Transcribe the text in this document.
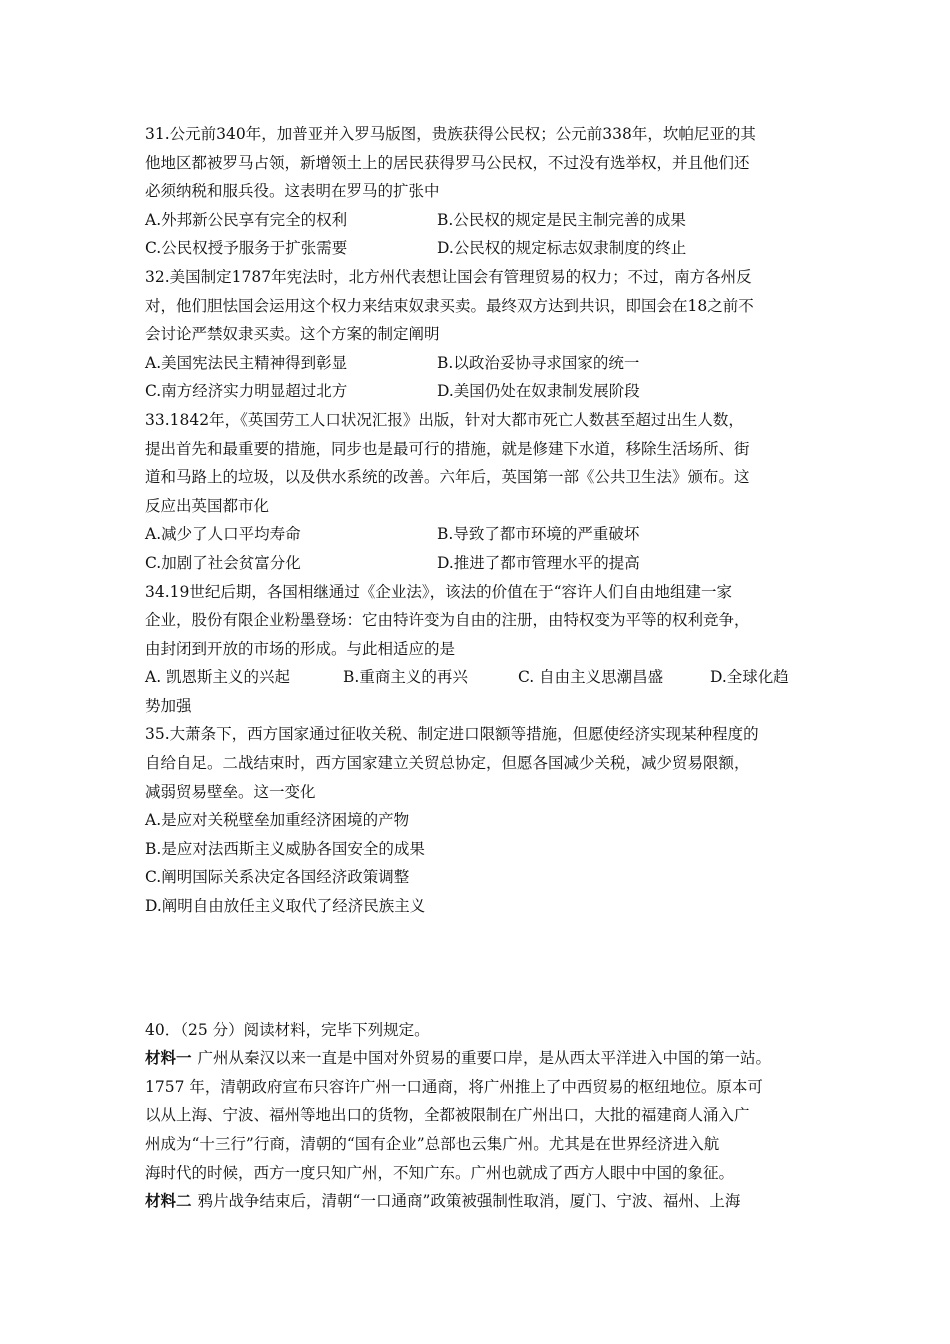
31.公元前340年，加普亚并入罗马版图，贵族获得公民权；公元前338年，坎帕尼亚的其
他地区都被罗马占领，新增领土上的居民获得罗马公民权，不过没有选举权，并且他们还
必须纳税和服兵役。这表明在罗马的扩张中
A.外邦新公民享有完全的权利	B.公民权的规定是民主制完善的成果
C.公民权授予服务于扩张需要	D.公民权的规定标志奴隶制度的终止
32.美国制定1787年宪法时，北方州代表想让国会有管理贸易的权力；不过，南方各州反
对，他们胆怯国会运用这个权力来结束奴隶买卖。最终双方达到共识，即国会在18之前不
会讨论严禁奴隶买卖。这个方案的制定阐明
A.美国宪法民主精神得到彰显	B.以政治妥协寻求国家的统一
C.南方经济实力明显超过北方	D.美国仍处在奴隶制发展阶段
33.1842年，《英国劳工人口状况汇报》出版，针对大都市死亡人数甚至超过出生人数，
提出首先和最重要的措施，同步也是最可行的措施，就是修建下水道，移除生活场所、街
道和马路上的垃圾，以及供水系统的改善。六年后，英国第一部《公共卫生法》颁布。这
反应出英国都市化
A.减少了人口平均寿命	B.导致了都市环境的严重破坏
C.加剧了社会贫富分化	D.推进了都市管理水平的提高
34.19世纪后期，各国相继通过《企业法》，该法的价值在于“容许人们自由地组建一家
企业，股份有限企业粉墨登场：它由特许变为自由的注册，由特权变为平等的权利竞争，
由封闭到开放的市场的形成。与此相适应的是
A. 凯恩斯主义的兴起	B.重商主义的再兴	C. 自由主义思潮昌盛	D.全球化趋
势加强
35.大萧条下，西方国家通过征收关税、制定进口限额等措施，但愿使经济实现某种程度的
自给自足。二战结束时，西方国家建立关贸总协定，但愿各国减少关税，减少贸易限额，
减弱贸易壁垒。这一变化
A.是应对关税壁垒加重经济困境的产物
B.是应对法西斯主义威胁各国安全的成果
C.阐明国际关系决定各国经济政策调整
D.阐明自由放任主义取代了经济民族主义
40．（25 分）阅读材料，完毕下列规定。
材料一 广州从秦汉以来一直是中国对外贸易的重要口岸，是从西太平洋进入中国的第一站。
1757 年，清朝政府宣布只容许广州一口通商，将广州推上了中西贸易的枢纽地位。原本可
以从上海、宁波、福州等地出口的货物，全都被限制在广州出口，大批的福建商人涌入广
州成为“十三行”行商，清朝的“国有企业”总部也云集广州。尤其是在世界经济进入航
海时代的时候，西方一度只知广州，不知广东。广州也就成了西方人眼中中国的象征。
材料二 鸦片战争结束后，清朝“一口通商”政策被强制性取消，厦门、宁波、福州、上海
